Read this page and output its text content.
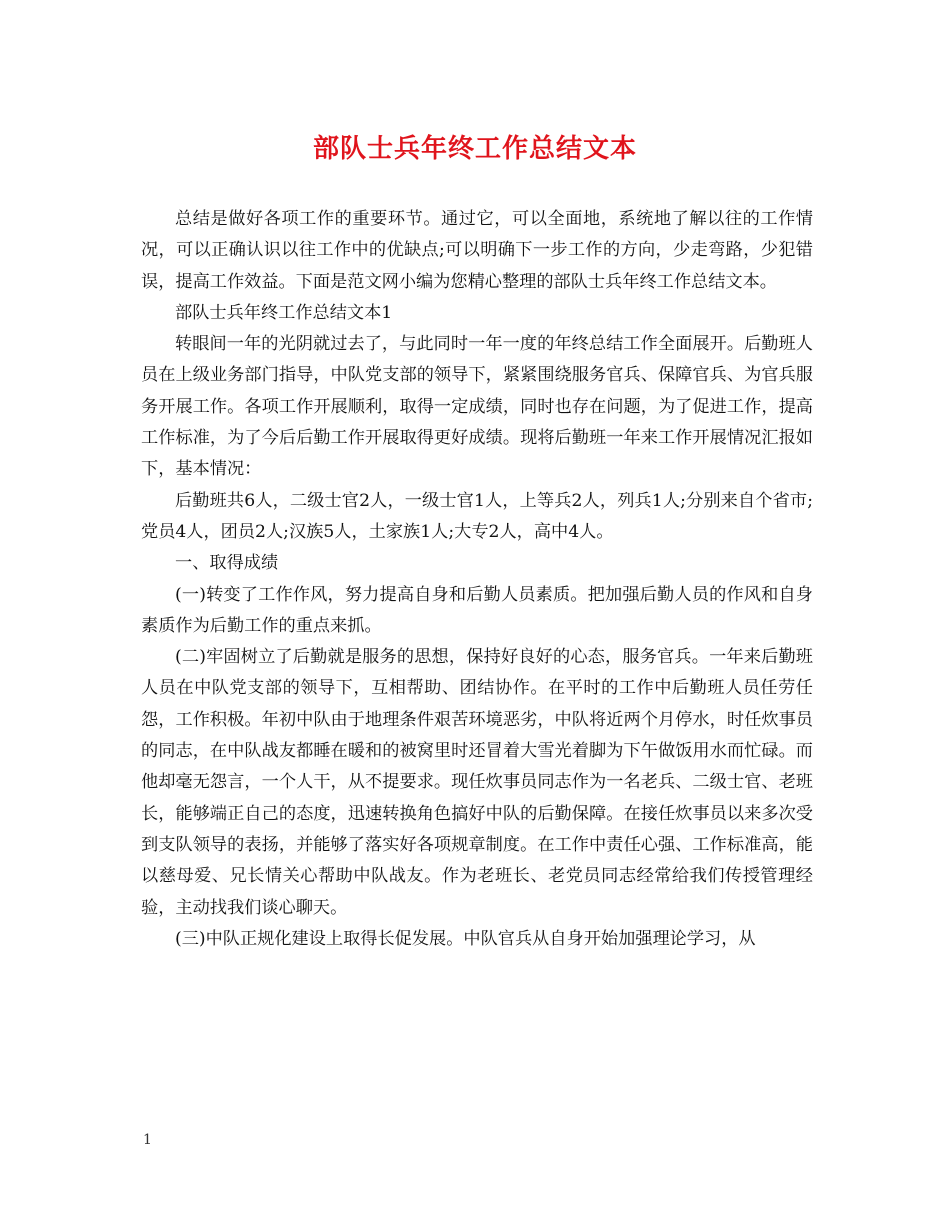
部队士兵年终工作总结文本

总结是做好各项工作的重要环节。通过它，可以全面地，系统地了解以往的工作情况，可以正确认识以往工作中的优缺点;可以明确下一步工作的方向，少走弯路，少犯错误，提高工作效益。下面是范文网小编为您精心整理的部队士兵年终工作总结文本。

部队士兵年终工作总结文本1

转眼间一年的光阴就过去了，与此同时一年一度的年终总结工作全面展开。后勤班人员在上级业务部门指导，中队党支部的领导下，紧紧围绕服务官兵、保障官兵、为官兵服务开展工作。各项工作开展顺利，取得一定成绩，同时也存在问题，为了促进工作，提高工作标准，为了今后后勤工作开展取得更好成绩。现将后勤班一年来工作开展情况汇报如下，基本情况：

后勤班共6人，二级士官2人，一级士官1人，上等兵2人，列兵1人;分别来自个省市;党员4人，团员2人;汉族5人，土家族1人;大专2人，高中4人。

一、取得成绩

(一)转变了工作作风，努力提高自身和后勤人员素质。把加强后勤人员的作风和自身素质作为后勤工作的重点来抓。

(二)牢固树立了后勤就是服务的思想，保持好良好的心态，服务官兵。一年来后勤班人员在中队党支部的领导下，互相帮助、团结协作。在平时的工作中后勤班人员任劳任怨，工作积极。年初中队由于地理条件艰苦环境恶劣，中队将近两个月停水，时任炊事员的同志，在中队战友都睡在暖和的被窝里时还冒着大雪光着脚为下午做饭用水而忙碌。而他却毫无怨言，一个人干，从不提要求。现任炊事员同志作为一名老兵、二级士官、老班长，能够端正自己的态度，迅速转换角色搞好中队的后勤保障。在接任炊事员以来多次受到支队领导的表扬，并能够了落实好各项规章制度。在工作中责任心强、工作标准高，能以慈母爱、兄长情关心帮助中队战友。作为老班长、老党员同志经常给我们传授管理经验，主动找我们谈心聊天。

(三)中队正规化建设上取得长促发展。中队官兵从自身开始加强理论学习，从

1
